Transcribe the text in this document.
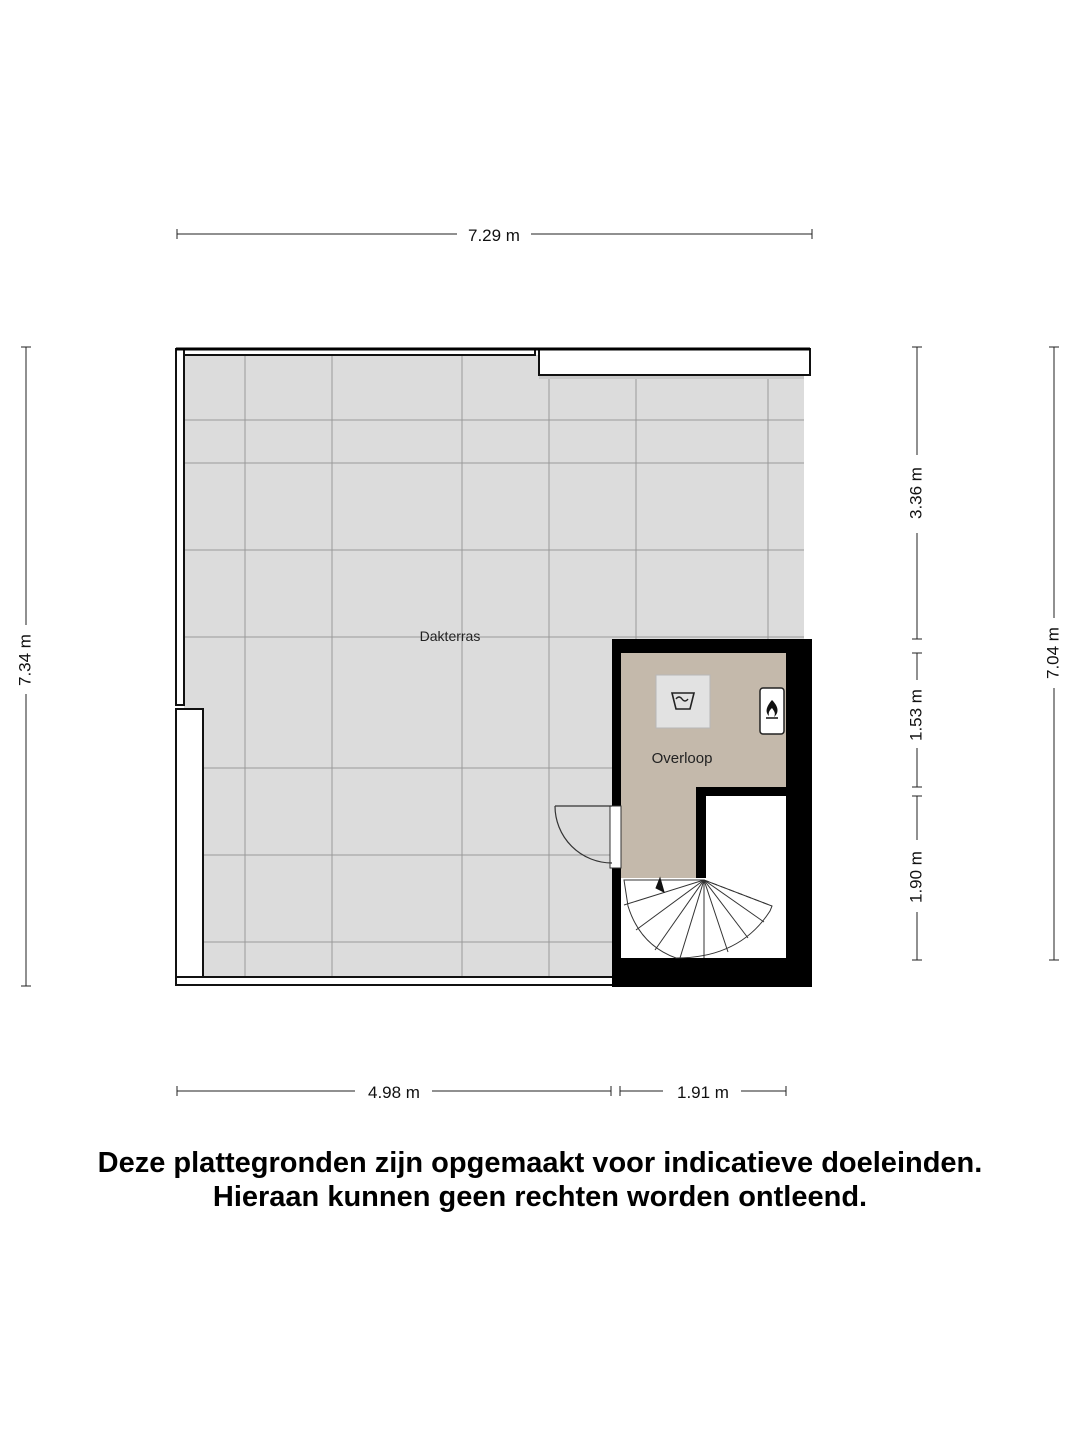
Dakterras
Overloop
7.29 m
7.34 m
3.36 m
1.53 m
1.90 m
7.04 m
4.98 m	1.91 m
Deze plattegronden zijn opgemaakt voor indicatieve doeleinden.
Hieraan kunnen geen rechten worden ontleend.
